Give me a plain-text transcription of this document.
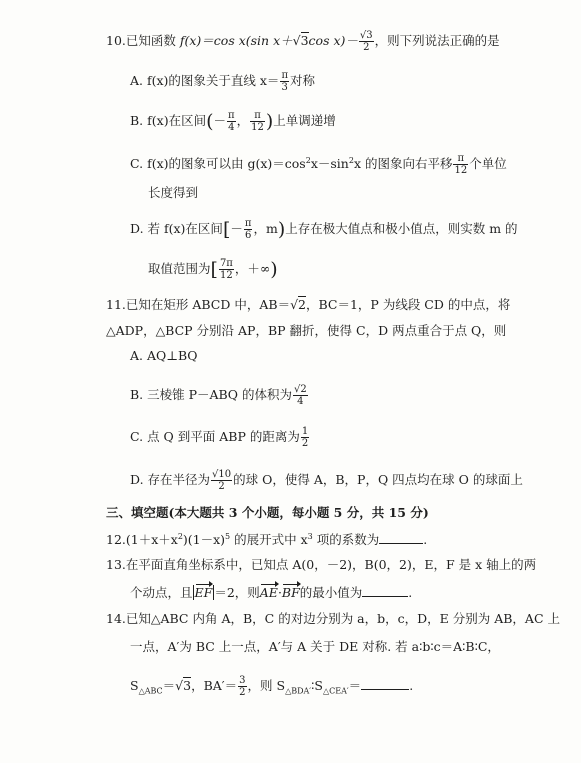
10.已知函数 f(x)＝cos x(sin x＋√3cos $x)- \frac{√3}{2}$ ，则下列说法正确的是
A. f(x)的图象关于直线 $x= \frac{\pi}{3}$ 对称
B. f(x)在区间(－ $\frac{\pi}{4}$ ， $\frac{\pi}{12}$ )上单调递增
C. f(x)的图象可以由 $g(x)=\cos^2x-\sin^2x$ 的图象向右平移 $\frac{\pi}{12}$ 个单位
长度得到
D. 若 f(x)在区间[－ $\frac{\pi}{6}$ ，m)上存在极大值点和极小值点，则实数 m 的
取值范围为[ $\frac{7\pi}{12}$ ，＋∞)
11.已知在矩形 ABCD 中，AB＝√2，BC＝1，P 为线段 CD 的中点，将
△ADP，△BCP 分别沿 AP，BP 翻折，使得 C，D 两点重合于点 Q，则
A. AQ⊥BQ
B. 三棱锥 P－ABQ 的体积为 $\frac{√2}{4}$
C. 点 Q 到平面 ABP 的距离为 $\frac{1}{2}$
D. 存在半径为 $\frac{√10}{2}$ 的球 O，使得 A，B，P，Q 四点均在球 O 的球面上
三、填空题(本大题共 3 个小题，每小题 5 分，共 15 分)
$12.(1+x+x^2)(1-x)^5$ 的展开式中 $x^3$ 项的系数为	.
13.在平面直角坐标系中，已知点 A(0，－2)，B(0，2)，E，F 是 x 轴上的两
个动点，且 EF ＝2，则AE·BF的最小值为	.
14.已知△ABC 内角 A，B，C 的对边分别为 a，b，c，D，E 分别为 AB，AC 上
一点，A′为 BC 上一点，A′与 A 关于 DE 对称. 若 a∶b∶c＝A∶B∶C，
$S_{\triangle ABC}=√3$，$BA'= \frac{3}{2}$ ，则 $S_{\triangle BDA'}∶S_{\triangle CEA'}=$	.
